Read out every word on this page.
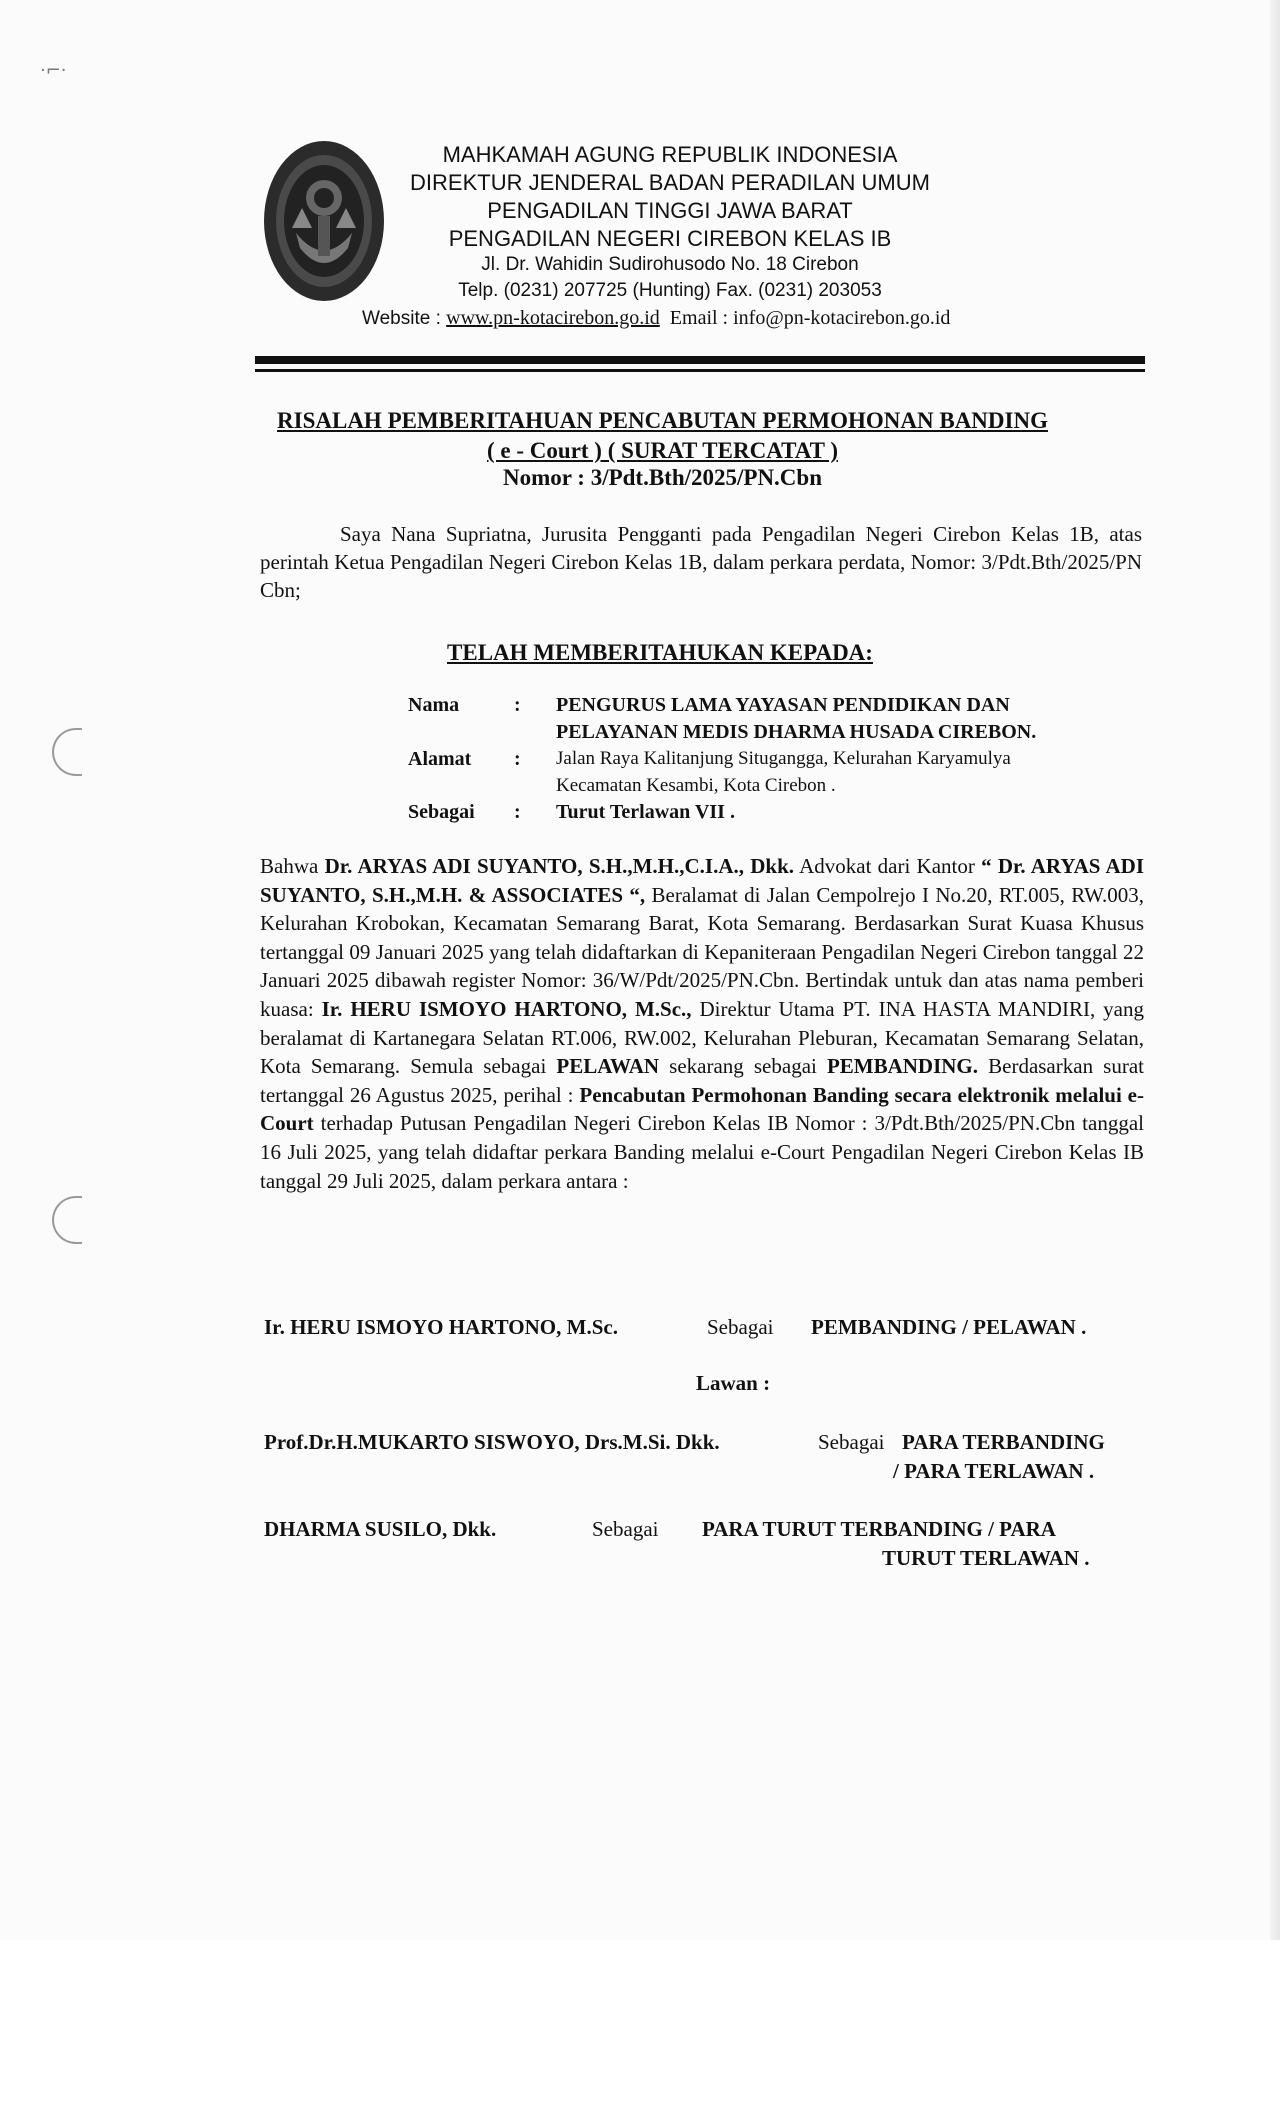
·⌐·
MAHKAMAH AGUNG REPUBLIK INDONESIA
DIREKTUR JENDERAL BADAN PERADILAN UMUM
PENGADILAN TINGGI JAWA BARAT
PENGADILAN NEGERI CIREBON KELAS IB
Jl. Dr. Wahidin Sudirohusodo No. 18 Cirebon
Telp. (0231) 207725 (Hunting) Fax. (0231) 203053
Website : www.pn-kotacirebon.go.id Email : info@pn-kotacirebon.go.id
RISALAH PEMBERITAHUAN PENCABUTAN PERMOHONAN BANDING
( e - Court ) ( SURAT TERCATAT )
Nomor : 3/Pdt.Bth/2025/PN.Cbn
Saya Nana Supriatna, Jurusita Pengganti pada Pengadilan Negeri Cirebon Kelas 1B, atas perintah Ketua Pengadilan Negeri Cirebon Kelas 1B, dalam perkara perdata, Nomor: 3/Pdt.Bth/2025/PN Cbn;
TELAH MEMBERITAHUKAN KEPADA:
Nama	: PENGURUS LAMA YAYASAN PENDIDIKAN DAN
PELAYANAN MEDIS DHARMA HUSADA CIREBON.
Alamat : Jalan Raya Kalitanjung Situgangga, Kelurahan Karyamulya
Kecamatan Kesambi, Kota Cirebon .
Sebagai : Turut Terlawan VII .
Bahwa Dr. ARYAS ADI SUYANTO, S.H.,M.H.,C.I.A., Dkk. Advokat dari Kantor “ Dr. ARYAS ADI SUYANTO, S.H.,M.H. & ASSOCIATES “, Beralamat di Jalan Cempolrejo I No.20, RT.005, RW.003, Kelurahan Krobokan, Kecamatan Semarang Barat, Kota Semarang. Berdasarkan Surat Kuasa Khusus tertanggal 09 Januari 2025 yang telah didaftarkan di Kepaniteraan Pengadilan Negeri Cirebon tanggal 22 Januari 2025 dibawah register Nomor: 36/W/Pdt/2025/PN.Cbn. Bertindak untuk dan atas nama pemberi kuasa: Ir. HERU ISMOYO HARTONO, M.Sc., Direktur Utama PT. INA HASTA MANDIRI, yang beralamat di Kartanegara Selatan RT.006, RW.002, Kelurahan Pleburan, Kecamatan Semarang Selatan, Kota Semarang. Semula sebagai PELAWAN sekarang sebagai PEMBANDING. Berdasarkan surat tertanggal 26 Agustus 2025, perihal : Pencabutan Permohonan Banding secara elektronik melalui e-Court terhadap Putusan Pengadilan Negeri Cirebon Kelas IB Nomor : 3/Pdt.Bth/2025/PN.Cbn tanggal 16 Juli 2025, yang telah didaftar perkara Banding melalui e-Court Pengadilan Negeri Cirebon Kelas IB tanggal 29 Juli 2025, dalam perkara antara :
Ir. HERU ISMOYO HARTONO, M.Sc.	Sebagai PEMBANDING / PELAWAN .
Lawan :
Prof.Dr.H.MUKARTO SISWOYO, Drs.M.Si. Dkk.	Sebagai PARA TERBANDING
/ PARA TERLAWAN .
DHARMA SUSILO, Dkk.	Sebagai PARA TURUT TERBANDING / PARA
TURUT TERLAWAN .
